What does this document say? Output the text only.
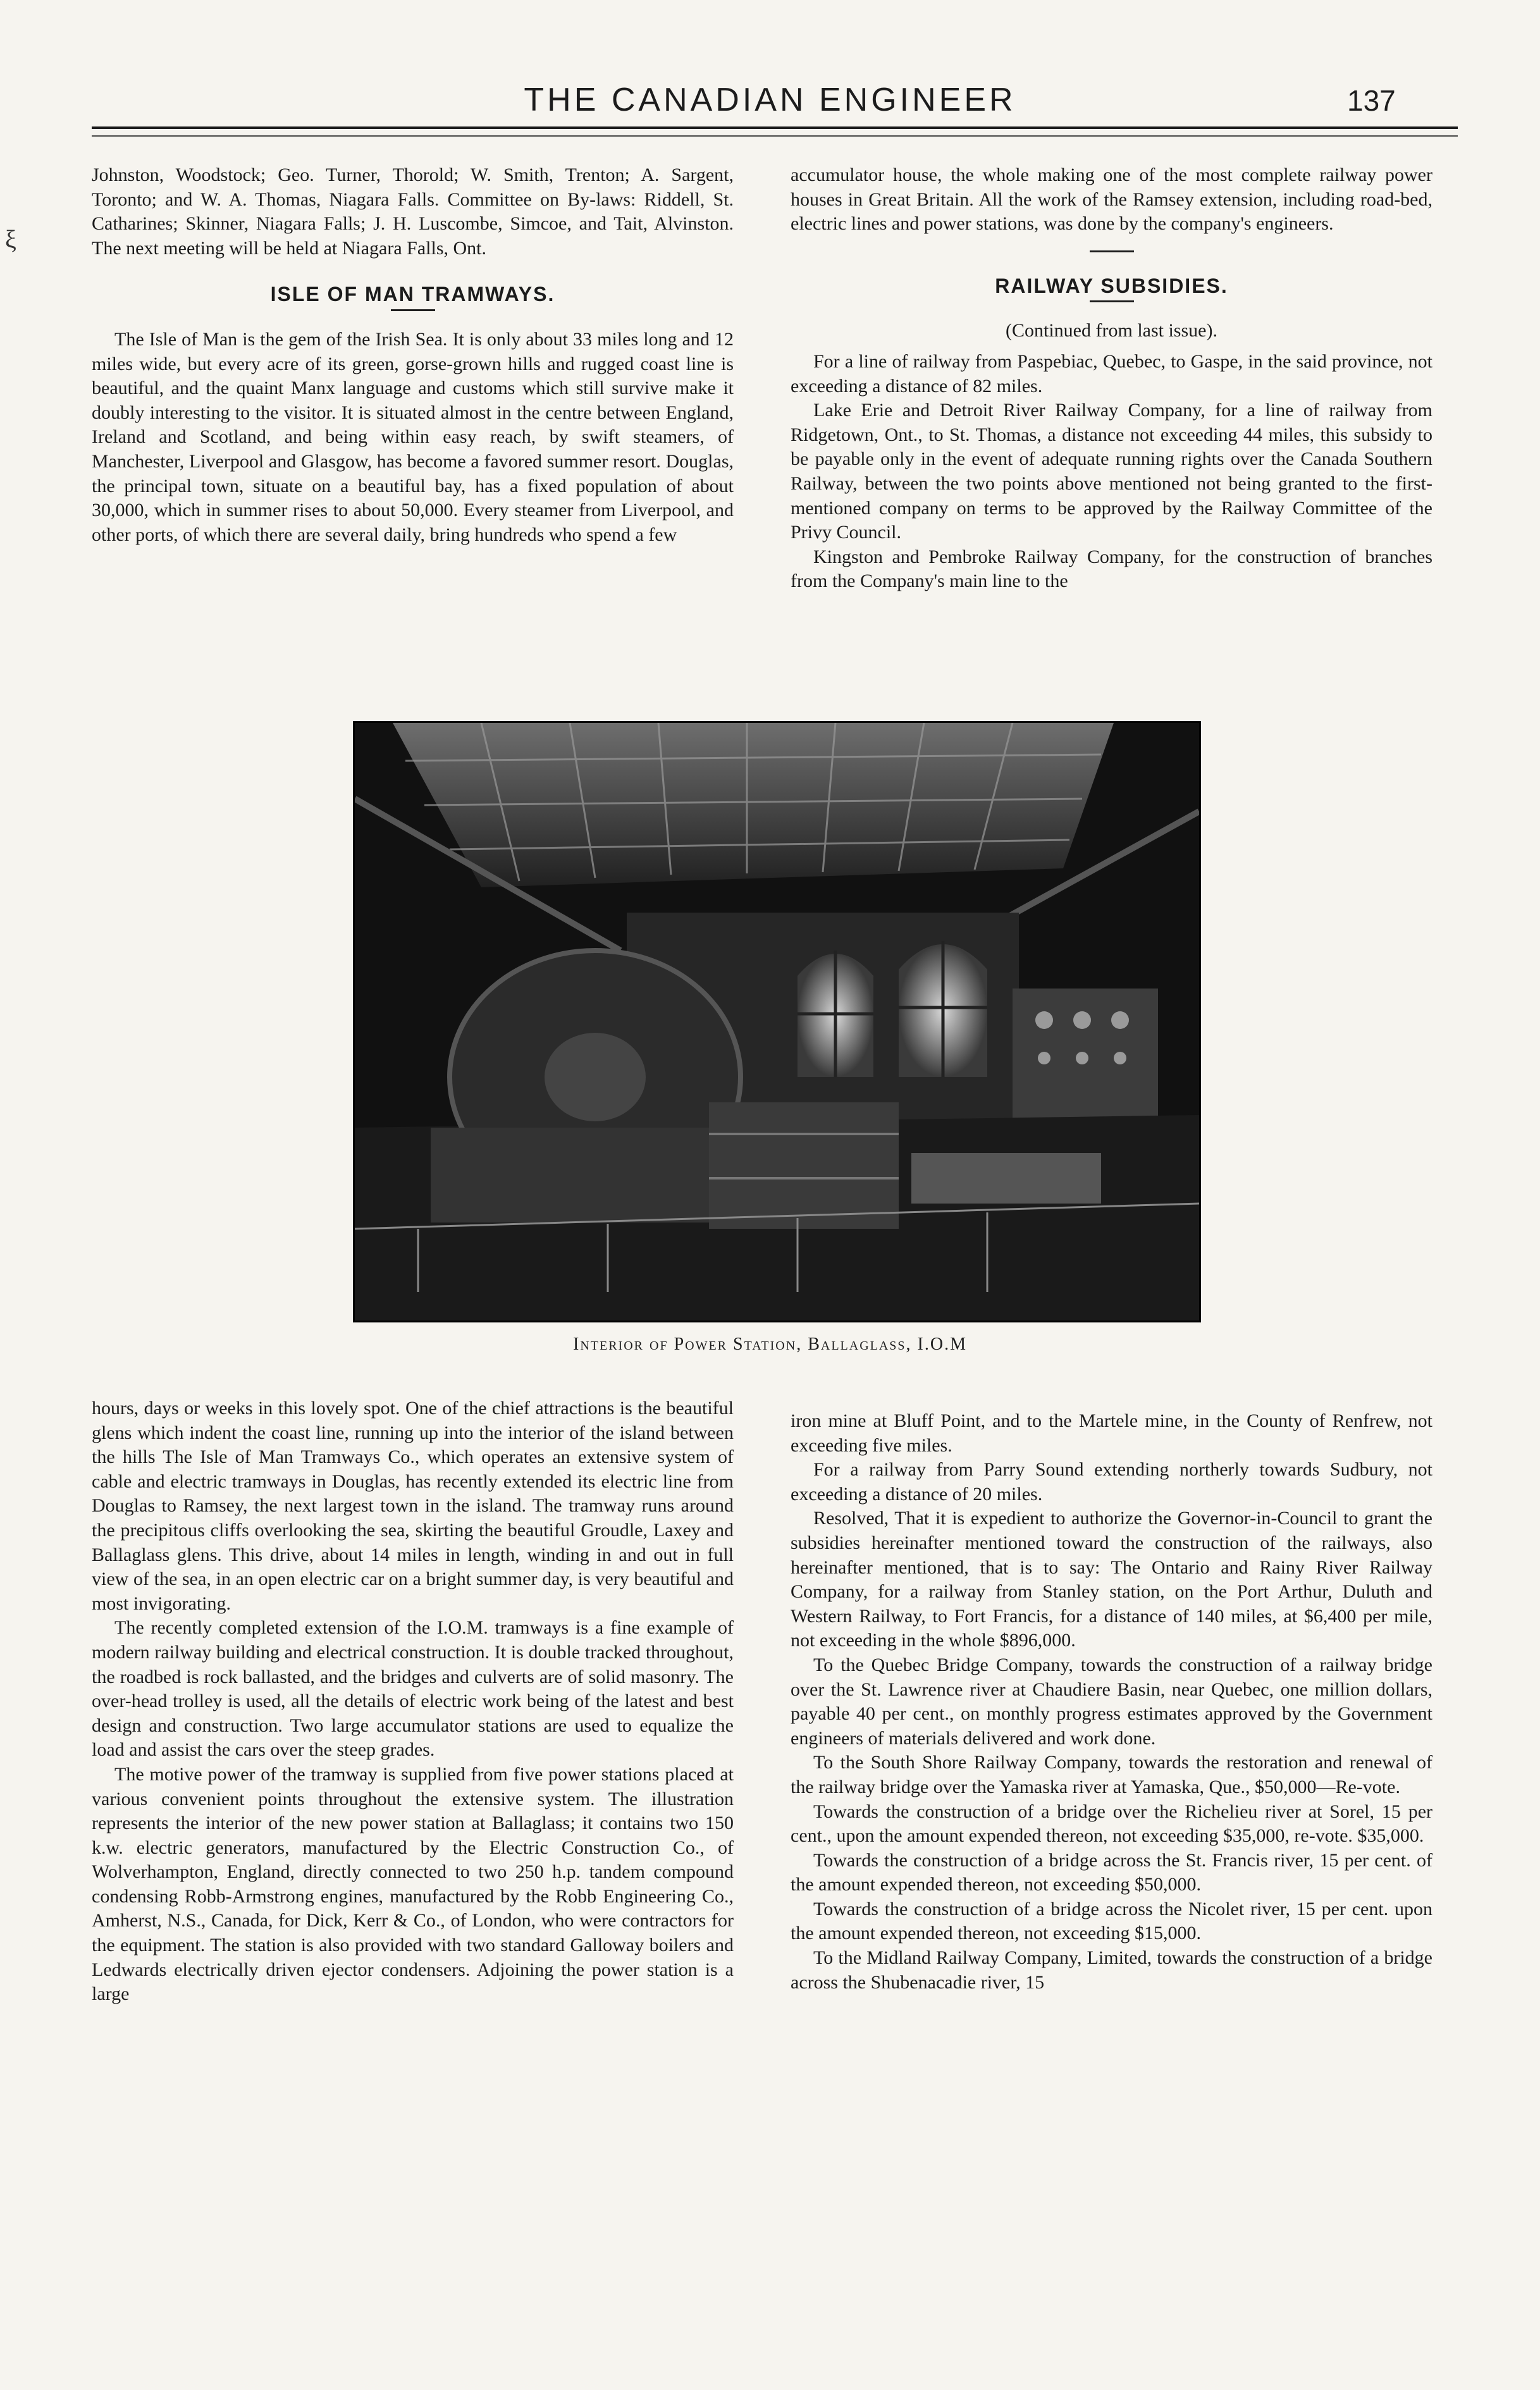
THE CANADIAN ENGINEER	137

Johnston, Woodstock; Geo. Turner, Thorold; W. Smith, Trenton; A. Sargent, Toronto; and W. A. Thomas, Niagara Falls. Committee on By-laws: Riddell, St. Catharines; Skinner, Niagara Falls; J. H. Luscombe, Simcoe, and Tait, Alvinston. The next meeting will be held at Niagara Falls, Ont.

ISLE OF MAN TRAMWAYS.

The Isle of Man is the gem of the Irish Sea. It is only about 33 miles long and 12 miles wide, but every acre of its green, gorse-grown hills and rugged coast line is beautiful, and the quaint Manx language and customs which still survive make it doubly interesting to the visitor. It is situated almost in the centre between England, Ireland and Scotland, and being within easy reach, by swift steamers, of Manchester, Liverpool and Glasgow, has become a favored summer resort. Douglas, the principal town, situate on a beautiful bay, has a fixed population of about 30,000, which in summer rises to about 50,000. Every steamer from Liverpool, and other ports, of which there are several daily, bring hundreds who spend a few

accumulator house, the whole making one of the most complete railway power houses in Great Britain. All the work of the Ramsey extension, including road-bed, electric lines and power stations, was done by the company's engineers.

RAILWAY SUBSIDIES.

(Continued from last issue).

For a line of railway from Paspebiac, Quebec, to Gaspe, in the said province, not exceeding a distance of 82 miles.

Lake Erie and Detroit River Railway Company, for a line of railway from Ridgetown, Ont., to St. Thomas, a distance not exceeding 44 miles, this subsidy to be payable only in the event of adequate running rights over the Canada Southern Railway, between the two points above mentioned not being granted to the first-mentioned company on terms to be approved by the Railway Committee of the Privy Council.

Kingston and Pembroke Railway Company, for the construction of branches from the Company's main line to the

Interior of Power Station, Ballaglass, I.O.M

hours, days or weeks in this lovely spot. One of the chief attractions is the beautiful glens which indent the coast line, running up into the interior of the island between the hills The Isle of Man Tramways Co., which operates an extensive system of cable and electric tramways in Douglas, has recently extended its electric line from Douglas to Ramsey, the next largest town in the island. The tramway runs around the precipitous cliffs overlooking the sea, skirting the beautiful Groudle, Laxey and Ballaglass glens. This drive, about 14 miles in length, winding in and out in full view of the sea, in an open electric car on a bright summer day, is very beautiful and most invigorating.

The recently completed extension of the I.O.M. tramways is a fine example of modern railway building and electrical construction. It is double tracked throughout, the roadbed is rock ballasted, and the bridges and culverts are of solid masonry. The over-head trolley is used, all the details of electric work being of the latest and best design and construction. Two large accumulator stations are used to equalize the load and assist the cars over the steep grades.

The motive power of the tramway is supplied from five power stations placed at various convenient points throughout the extensive system. The illustration represents the interior of the new power station at Ballaglass; it contains two 150 k.w. electric generators, manufactured by the Electric Construction Co., of Wolverhampton, England, directly connected to two 250 h.p. tandem compound condensing Robb-Armstrong engines, manufactured by the Robb Engineering Co., Amherst, N.S., Canada, for Dick, Kerr & Co., of London, who were contractors for the equipment. The station is also provided with two standard Galloway boilers and Ledwards electrically driven ejector condensers. Adjoining the power station is a large

iron mine at Bluff Point, and to the Martele mine, in the County of Renfrew, not exceeding five miles.

For a railway from Parry Sound extending northerly towards Sudbury, not exceeding a distance of 20 miles.

Resolved, That it is expedient to authorize the Governor-in-Council to grant the subsidies hereinafter mentioned toward the construction of the railways, also hereinafter mentioned, that is to say: The Ontario and Rainy River Railway Company, for a railway from Stanley station, on the Port Arthur, Duluth and Western Railway, to Fort Francis, for a distance of 140 miles, at $6,400 per mile, not exceeding in the whole $896,000.

To the Quebec Bridge Company, towards the construction of a railway bridge over the St. Lawrence river at Chaudiere Basin, near Quebec, one million dollars, payable 40 per cent., on monthly progress estimates approved by the Government engineers of materials delivered and work done.

To the South Shore Railway Company, towards the restoration and renewal of the railway bridge over the Yamaska river at Yamaska, Que., $50,000—Re-vote.

Towards the construction of a bridge over the Richelieu river at Sorel, 15 per cent., upon the amount expended thereon, not exceeding $35,000, re-vote. $35,000.

Towards the construction of a bridge across the St. Francis river, 15 per cent. of the amount expended thereon, not exceeding $50,000.

Towards the construction of a bridge across the Nicolet river, 15 per cent. upon the amount expended thereon, not exceeding $15,000.

To the Midland Railway Company, Limited, towards the construction of a bridge across the Shubenacadie river, 15

ξ
